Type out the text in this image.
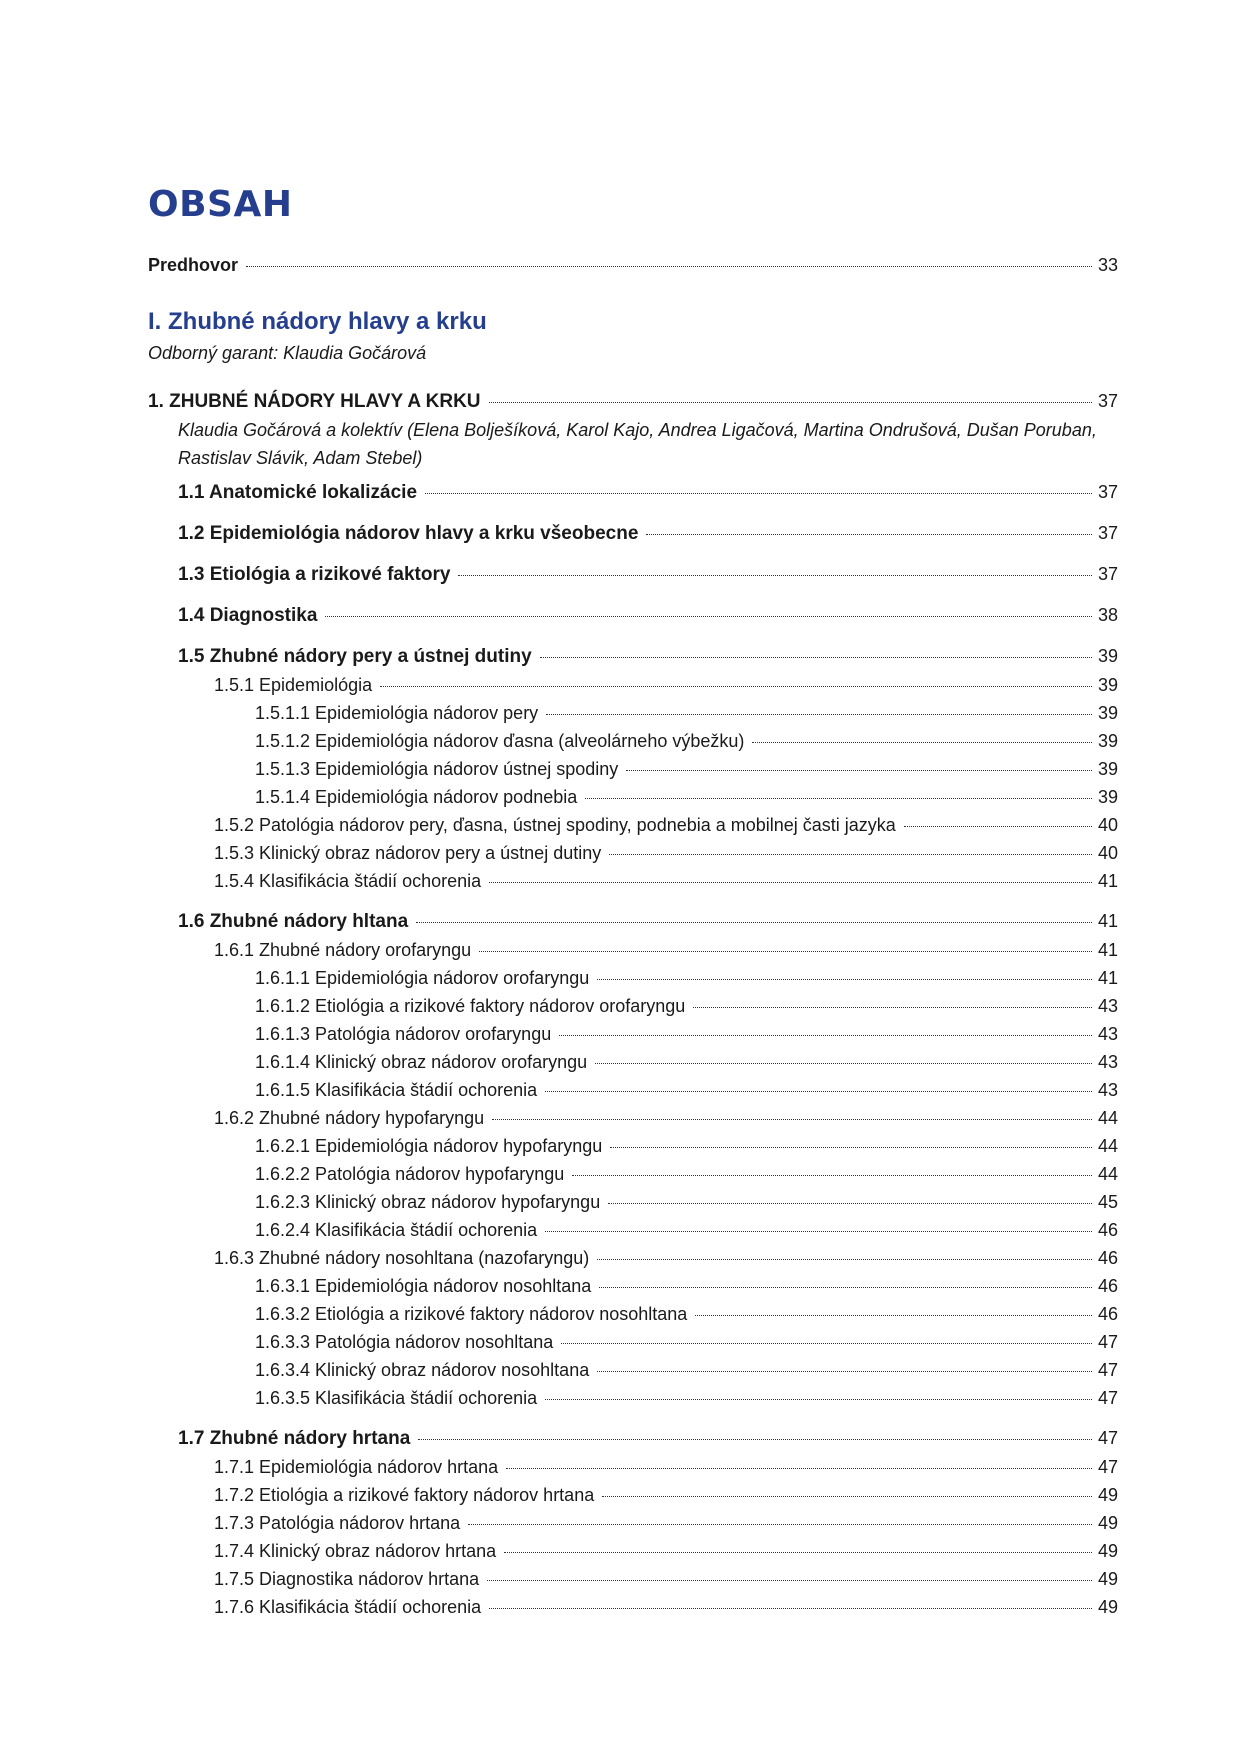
OBSAH
Predhovor	33
I. Zhubné nádory hlavy a krku
Odborný garant: Klaudia Gočárová
1. ZHUBNÉ NÁDORY HLAVY A KRKU	37
Klaudia Gočárová a kolektív (Elena Bolješíková, Karol Kajo, Andrea Ligačová, Martina Ondrušová, Dušan Poruban, Rastislav Slávik, Adam Stebel)
1.1 Anatomické lokalizácie	37
1.2 Epidemiológia nádorov hlavy a krku všeobecne	37
1.3 Etiológia a rizikové faktory	37
1.4 Diagnostika	38
1.5 Zhubné nádory pery a ústnej dutiny	39
1.5.1 Epidemiológia	39
1.5.1.1 Epidemiológia nádorov pery	39
1.5.1.2 Epidemiológia nádorov ďasna (alveolárneho výbežku)	39
1.5.1.3 Epidemiológia nádorov ústnej spodiny	39
1.5.1.4 Epidemiológia nádorov podnebia	39
1.5.2 Patológia nádorov pery, ďasna, ústnej spodiny, podnebia a mobilnej časti jazyka	40
1.5.3 Klinický obraz nádorov pery a ústnej dutiny	40
1.5.4 Klasifikácia štádií ochorenia	41
1.6 Zhubné nádory hltana	41
1.6.1 Zhubné nádory orofaryngu	41
1.6.1.1 Epidemiológia nádorov orofaryngu	41
1.6.1.2 Etiológia a rizikové faktory nádorov orofaryngu	43
1.6.1.3 Patológia nádorov orofaryngu	43
1.6.1.4 Klinický obraz nádorov orofaryngu	43
1.6.1.5 Klasifikácia štádií ochorenia	43
1.6.2 Zhubné nádory hypofaryngu	44
1.6.2.1 Epidemiológia nádorov hypofaryngu	44
1.6.2.2 Patológia nádorov hypofaryngu	44
1.6.2.3 Klinický obraz nádorov hypofaryngu	45
1.6.2.4 Klasifikácia štádií ochorenia	46
1.6.3 Zhubné nádory nosohltana (nazofaryngu)	46
1.6.3.1 Epidemiológia nádorov nosohltana	46
1.6.3.2 Etiológia a rizikové faktory nádorov nosohltana	46
1.6.3.3 Patológia nádorov nosohltana	47
1.6.3.4 Klinický obraz nádorov nosohltana	47
1.6.3.5 Klasifikácia štádií ochorenia	47
1.7 Zhubné nádory hrtana	47
1.7.1 Epidemiológia nádorov hrtana	47
1.7.2 Etiológia a rizikové faktory nádorov hrtana	49
1.7.3 Patológia nádorov hrtana	49
1.7.4 Klinický obraz nádorov hrtana	49
1.7.5 Diagnostika nádorov hrtana	49
1.7.6 Klasifikácia štádií ochorenia	49
